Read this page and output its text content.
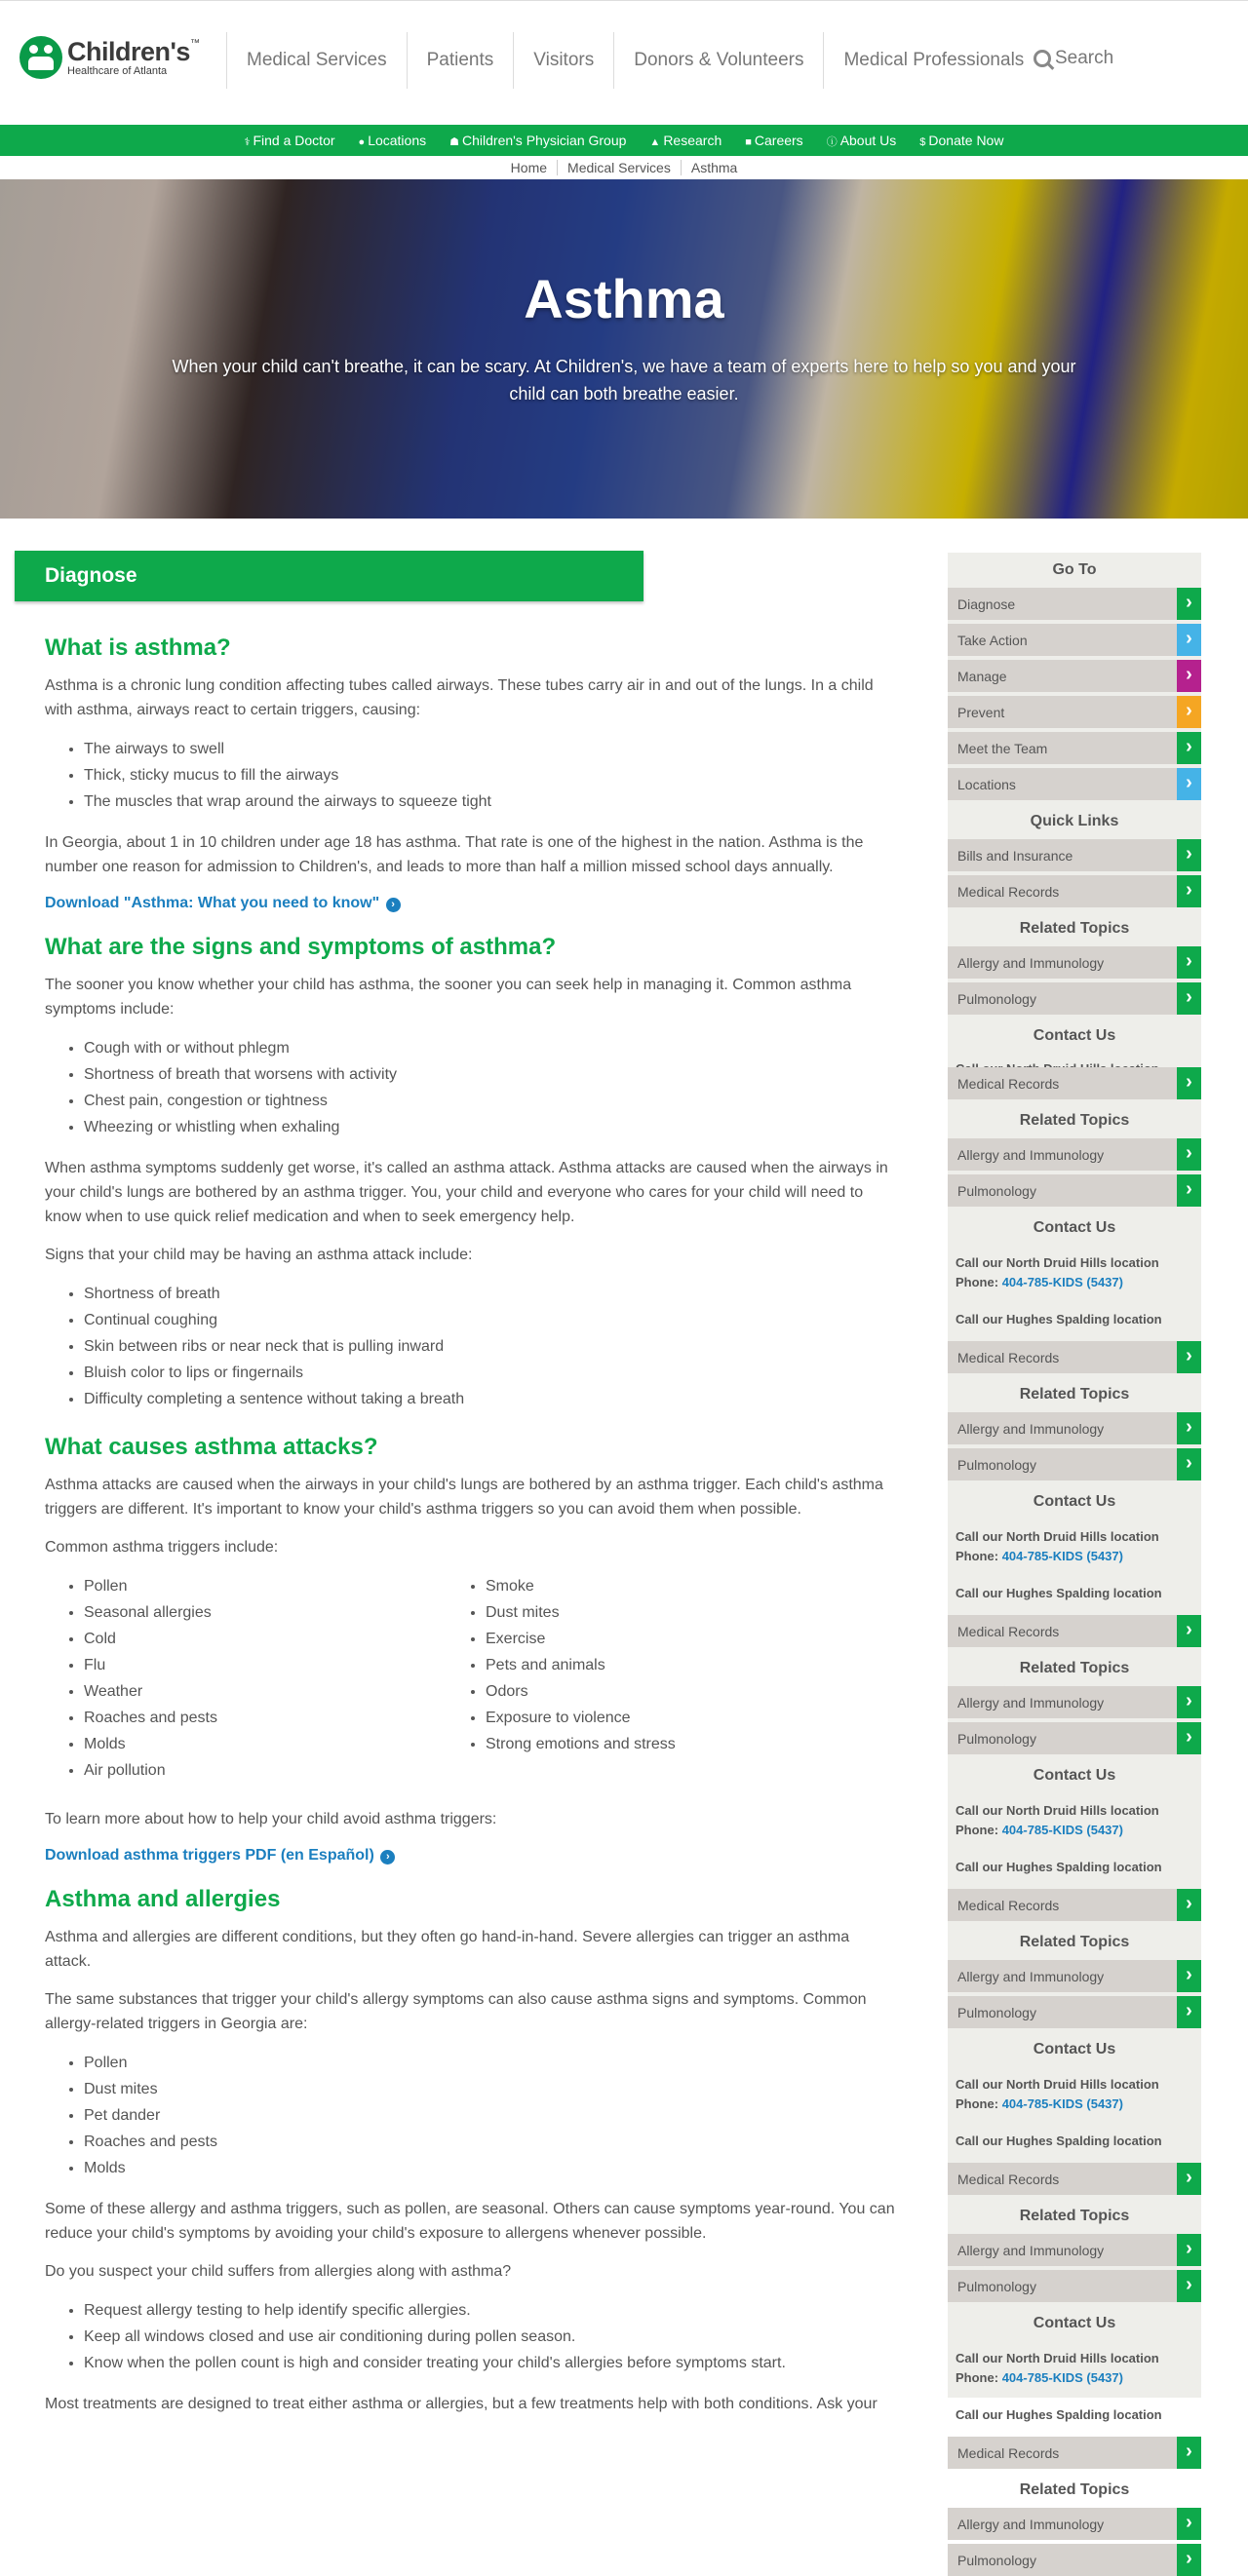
Children's™
Healthcare of Atlanta
Medical Services	Patients	Visitors	Donors & Volunteers	Medical Professionals	Search
⚕ Find a Doctor ● Locations ☗ Children's Physician Group ▲ Research ■ Careers ⓘ About Us $ Donate Now
Home	Medical Services	Asthma
Asthma
When your child can't breathe, it can be scary. At Children's, we have a team of experts here to help so you and your child can both breathe easier.
Diagnose
What is asthma?

Asthma is a chronic lung condition affecting tubes called airways. These tubes carry air in and out of the lungs. In a child with asthma, airways react to certain triggers, causing:

• The airways to swell
• Thick, sticky mucus to fill the airways
• The muscles that wrap around the airways to squeeze tight

In Georgia, about 1 in 10 children under age 18 has asthma. That rate is one of the highest in the nation. Asthma is the number one reason for admission to Children's, and leads to more than half a million missed school days annually.

Download "Asthma: What you need to know" ›
What are the signs and symptoms of asthma?

The sooner you know whether your child has asthma, the sooner you can seek help in managing it. Common asthma symptoms include:

• Cough with or without phlegm
• Shortness of breath that worsens with activity
• Chest pain, congestion or tightness
• Wheezing or whistling when exhaling

When asthma symptoms suddenly get worse, it's called an asthma attack. Asthma attacks are caused when the airways in your child's lungs are bothered by an asthma trigger. You, your child and everyone who cares for your child will need to know when to use quick relief medication and when to seek emergency help.

Signs that your child may be having an asthma attack include:

• Shortness of breath
• Continual coughing
• Skin between ribs or near neck that is pulling inward
• Bluish color to lips or fingernails
• Difficulty completing a sentence without taking a breath
What causes asthma attacks?

Asthma attacks are caused when the airways in your child's lungs are bothered by an asthma trigger. Each child's asthma triggers are different. It's important to know your child's asthma triggers so you can avoid them when possible.

Common asthma triggers include:

• Pollen
• Seasonal allergies
• Cold
• Flu
• Weather
• Roaches and pests
• Molds
• Air pollution
• Smoke
• Dust mites
• Exercise
• Pets and animals
• Odors
• Exposure to violence
• Strong emotions and stress

To learn more about how to help your child avoid asthma triggers:

Download asthma triggers PDF (en Español) ›
Asthma and allergies

Asthma and allergies are different conditions, but they often go hand-in-hand. Severe allergies can trigger an asthma attack.

The same substances that trigger your child's allergy symptoms can also cause asthma signs and symptoms. Common allergy-related triggers in Georgia are:

• Pollen
• Dust mites
• Pet dander
• Roaches and pests
• Molds

Some of these allergy and asthma triggers, such as pollen, are seasonal. Others can cause symptoms year-round. You can reduce your child's symptoms by avoiding your child's exposure to allergens whenever possible.

Do you suspect your child suffers from allergies along with asthma?

• Request allergy testing to help identify specific allergies.
• Keep all windows closed and use air conditioning during pollen season.
• Know when the pollen count is high and consider treating your child's allergies before symptoms start.

Most treatments are designed to treat either asthma or allergies, but a few treatments help with both conditions. Ask your

Go To
Diagnose	›
Take Action	›
Manage	›
Prevent	›
Meet the Team	›
Locations	›
Quick Links
Bills and Insurance	›
Medical Records	›
Related Topics
Allergy and Immunology	›
Pulmonology	›
Contact Us
Medical Records	›
Related Topics
Allergy and Immunology	›
Pulmonology	›
Contact Us
Call our North Druid Hills location
Phone: 404-785-KIDS (5437)
Call our Hughes Spalding location
Medical Records	›
Related Topics
Allergy and Immunology	›
Pulmonology	›
Contact Us
Call our North Druid Hills location
Phone: 404-785-KIDS (5437)
Call our Hughes Spalding location
Medical Records	›
Related Topics
Allergy and Immunology	›
Pulmonology	›
Contact Us
Call our North Druid Hills location
Phone: 404-785-KIDS (5437)
Call our Hughes Spalding location
Medical Records	›
Related Topics
Allergy and Immunology	›
Pulmonology	›
Contact Us
Call our North Druid Hills location
Phone: 404-785-KIDS (5437)
Call our Hughes Spalding location
Medical Records	›
Related Topics
Allergy and Immunology	›
Pulmonology	›
Contact Us
Call our North Druid Hills location
Phone: 404-785-KIDS (5437)
Call our Hughes Spalding location
Medical Records	›
Related Topics
Allergy and Immunology	›
Pulmonology	›
